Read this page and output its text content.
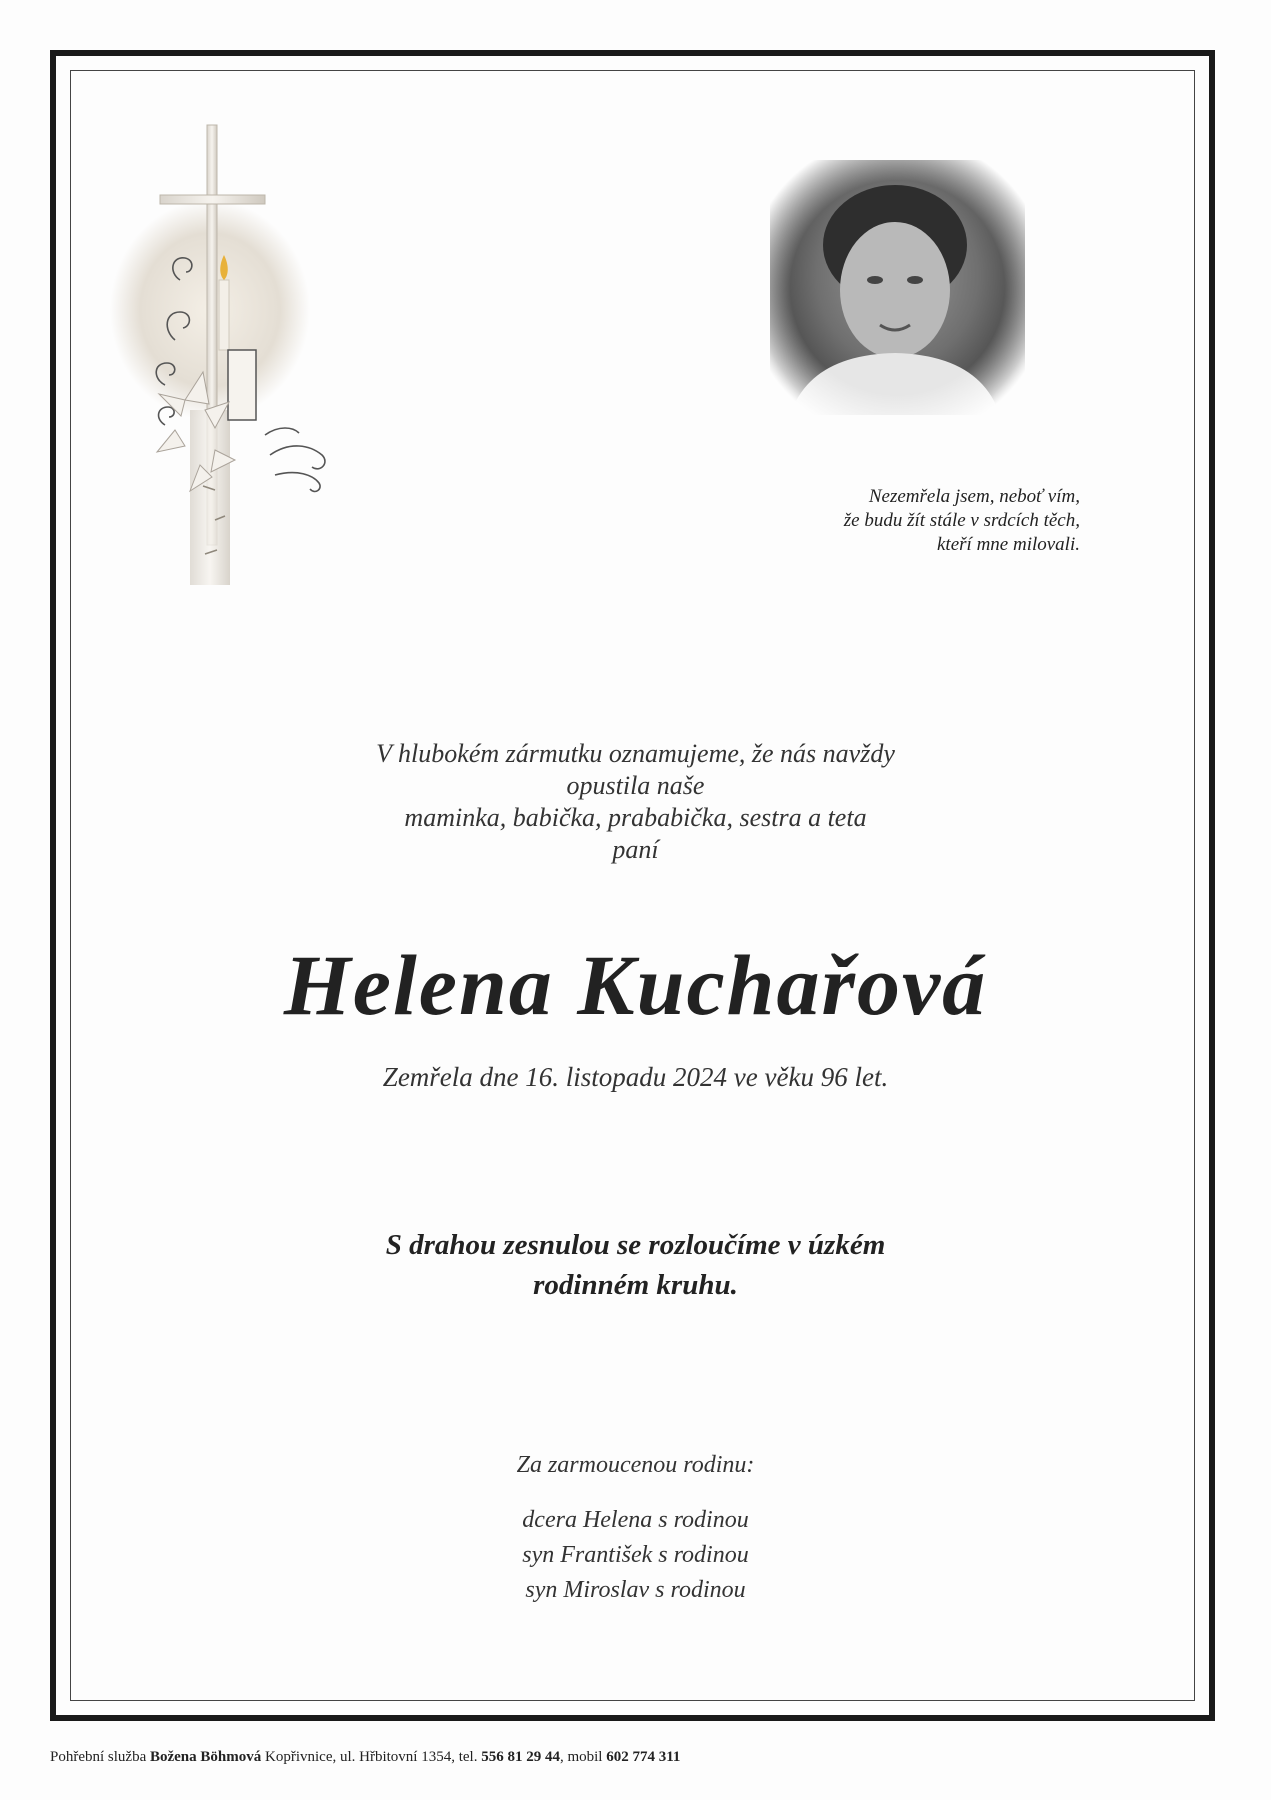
Nezemřela jsem, neboť vím,
že budu žít stále v srdcích těch,
kteří mne milovali.
V hlubokém zármutku oznamujeme, že nás navždy
opustila naše
maminka, babička, prababička, sestra a teta
paní
Helena Kuchařová
Zemřela dne 16. listopadu 2024 ve věku 96 let.
S drahou zesnulou se rozloučíme v úzkém
rodinném kruhu.
Za zarmoucenou rodinu:
dcera Helena s rodinou
syn František s rodinou
syn Miroslav s rodinou
Pohřební služba Božena Böhmová Kopřivnice, ul. Hřbitovní 1354, tel. 556 81 29 44, mobil 602 774 311
